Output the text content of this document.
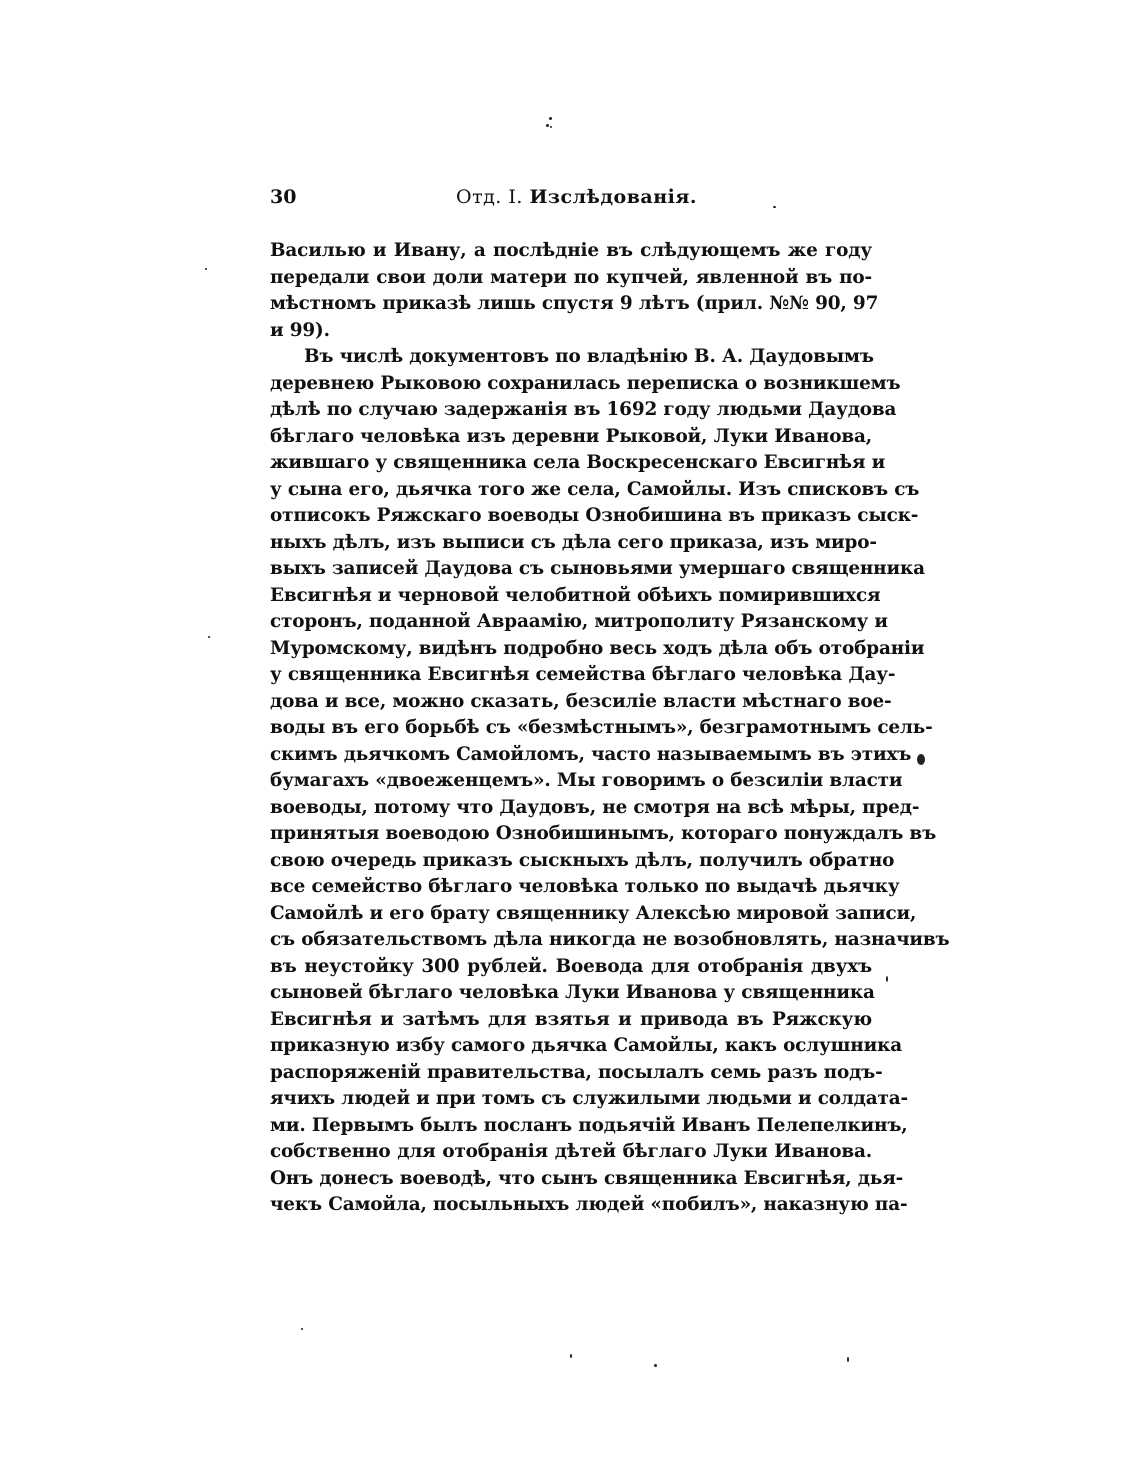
30	Отд. I. Изслѣдованія.
Василью и Ивану, а послѣдніе въ слѣдующемъ же году
передали свои доли матери по купчей, явленной въ по-
мѣстномъ приказѣ лишь спустя 9 лѣтъ (прил. №№ 90, 97
и 99).
Въ числѣ документовъ по владѣнію В. А. Даудовымъ
деревнею Рыковою сохранилась переписка о возникшемъ
дѣлѣ по случаю задержанія въ 1692 году людьми Даудова
бѣглаго человѣка изъ деревни Рыковой, Луки Иванова,
жившаго у священника села Воскресенскаго Евсигнѣя и
у сына его, дьячка того же села, Самойлы. Изъ списковъ съ
отписокъ Ряжскаго воеводы Ознобишина въ приказъ сыск-
ныхъ дѣлъ, изъ выписи съ дѣла сего приказа, изъ миро-
выхъ записей Даудова съ сыновьями умершаго священника
Евсигнѣя и черновой челобитной обѣихъ помирившихся
сторонъ, поданной Авраамію, митрополиту Рязанскому и
Муромскому, видѣнъ подробно весь ходъ дѣла объ отобраніи
у священника Евсигнѣя семейства бѣглаго человѣка Дау-
дова и все, можно сказать, безсиліе власти мѣстнаго вое-
воды въ его борьбѣ съ «безмѣстнымъ», безграмотнымъ сель-
скимъ дьячкомъ Самойломъ, часто называемымъ въ этихъ
бумагахъ «двоеженцемъ». Мы говоримъ о безсиліи власти
воеводы, потому что Даудовъ, не смотря на всѣ мѣры, пред-
принятыя воеводою Ознобишинымъ, котораго понуждалъ въ
свою очередь приказъ сыскныхъ дѣлъ, получилъ обратно
все семейство бѣглаго человѣка только по выдачѣ дьячку
Самойлѣ и его брату священнику Алексѣю мировой записи,
съ обязательствомъ дѣла никогда не возобновлять, назначивъ
въ неустойку 300 рублей. Воевода для отобранія двухъ
сыновей бѣглаго человѣка Луки Иванова у священника
Евсигнѣя и затѣмъ для взятья и привода въ Ряжскую
приказную избу самого дьячка Самойлы, какъ ослушника
распоряженій правительства, посылалъ семь разъ подъ-
ячихъ людей и при томъ съ служилыми людьми и солдата-
ми. Первымъ былъ посланъ подьячій Иванъ Пелепелкинъ,
собственно для отобранія дѣтей бѣглаго Луки Иванова.
Онъ донесъ воеводѣ, что сынъ священника Евсигнѣя, дья-
чекъ Самойла, посыльныхъ людей «побилъ», наказную па-
